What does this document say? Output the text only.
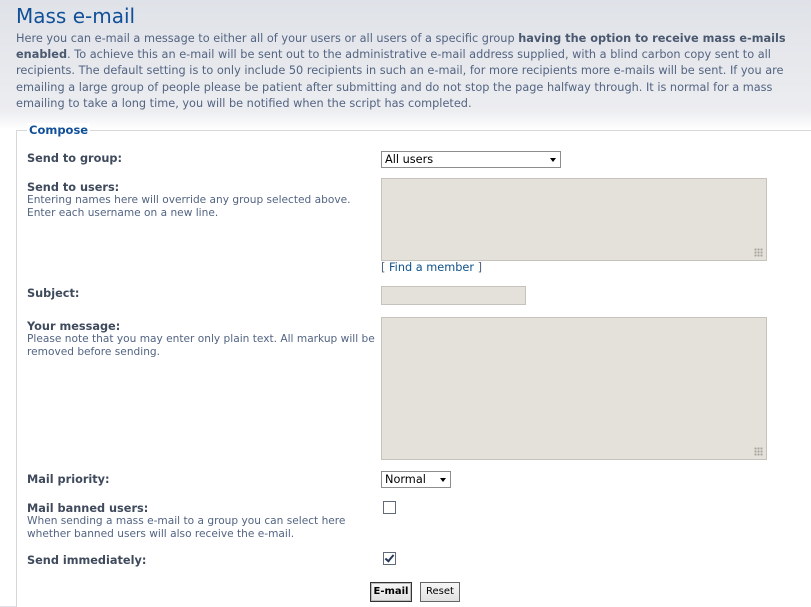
Mass e-mail

Here you can e-mail a message to either all of your users or all users of a specific group having the option to receive mass e-mails enabled. To achieve this an e-mail will be sent out to the administrative e-mail address supplied, with a blind carbon copy sent to all recipients. The default setting is to only include 50 recipients in such an e-mail, for more recipients more e-mails will be sent. If you are emailing a large group of people please be patient after submitting and do not stop the page halfway through. It is normal for a mass emailing to take a long time, you will be notified when the script has completed.

Compose
Send to group:	All users
Send to users:
Entering names here will override any group selected above. Enter each username on a new line.
[ Find a member ]
Subject:
Your message:
Please note that you may enter only plain text. All markup will be removed before sending.
Mail priority:	Normal
Mail banned users:
When sending a mass e-mail to a group you can select here whether banned users will also receive the e-mail.
Send immediately:
E-mail	Reset
